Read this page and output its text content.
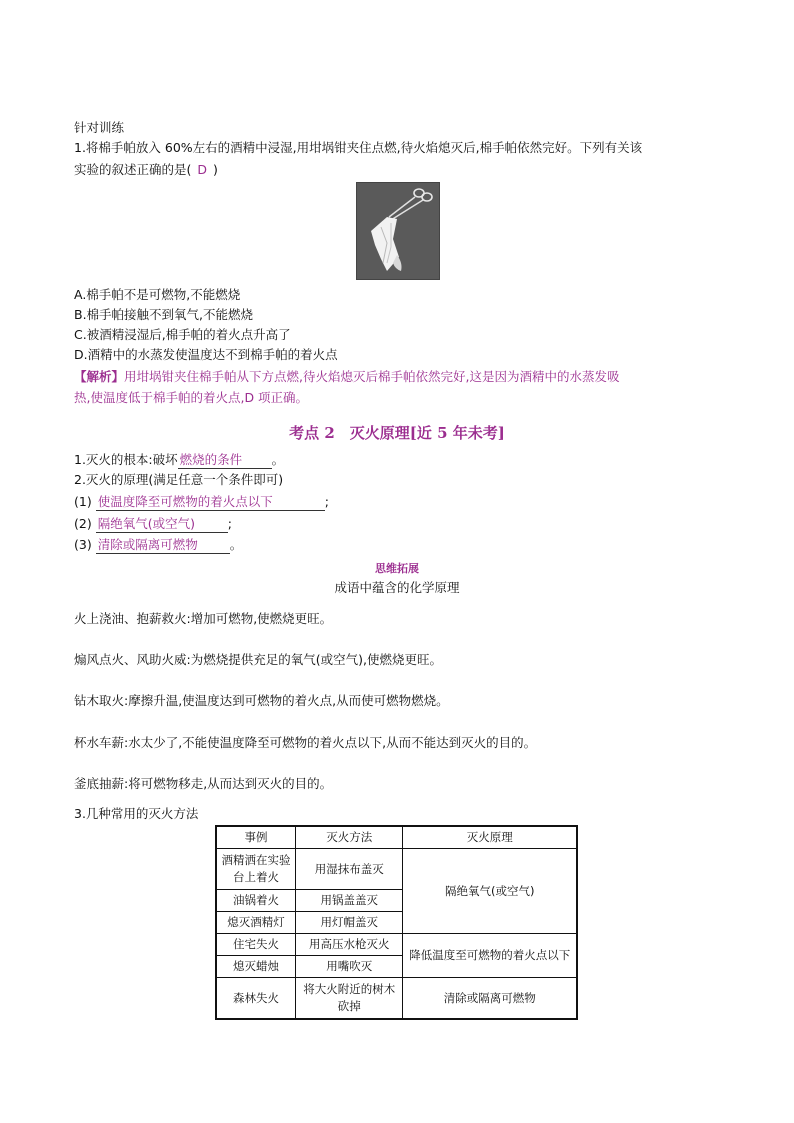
针对训练
1.将棉手帕放入 60%左右的酒精中浸湿,用坩埚钳夹住点燃,待火焰熄灭后,棉手帕依然完好。下列有关该
实验的叙述正确的是( D )
A.棉手帕不是可燃物,不能燃烧
B.棉手帕接触不到氧气,不能燃烧
C.被酒精浸湿后,棉手帕的着火点升高了
D.酒精中的水蒸发使温度达不到棉手帕的着火点
【解析】用坩埚钳夹住棉手帕从下方点燃,待火焰熄灭后棉手帕依然完好,这是因为酒精中的水蒸发吸
热,使温度低于棉手帕的着火点,D 项正确。
考点 2　灭火原理[近 5 年未考]
1.灭火的根本:破坏 燃烧的条件 。
2.灭火的原理(满足任意一个条件即可)
(1) 使温度降至可燃物的着火点以下	;
(2) 隔绝氧气(或空气)	;
(3) 清除或隔离可燃物	。
思维拓展
成语中蕴含的化学原理
火上浇油、抱薪救火:增加可燃物,使燃烧更旺。
煽风点火、风助火威:为燃烧提供充足的氧气(或空气),使燃烧更旺。
钻木取火:摩擦升温,使温度达到可燃物的着火点,从而使可燃物燃烧。
杯水车薪:水太少了,不能使温度降至可燃物的着火点以下,从而不能达到灭火的目的。
釜底抽薪:将可燃物移走,从而达到灭火的目的。
3.几种常用的灭火方法
事例	灭火方法	灭火原理
酒精洒在实验台上着火	用湿抹布盖灭	隔绝氧气(或空气)
油锅着火	用锅盖盖灭	
熄灭酒精灯	用灯帽盖灭	
住宅失火	用高压水枪灭火	降低温度至可燃物的着火点以下
熄灭蜡烛	用嘴吹灭	
森林失火	将大火附近的树木砍掉	清除或隔离可燃物
